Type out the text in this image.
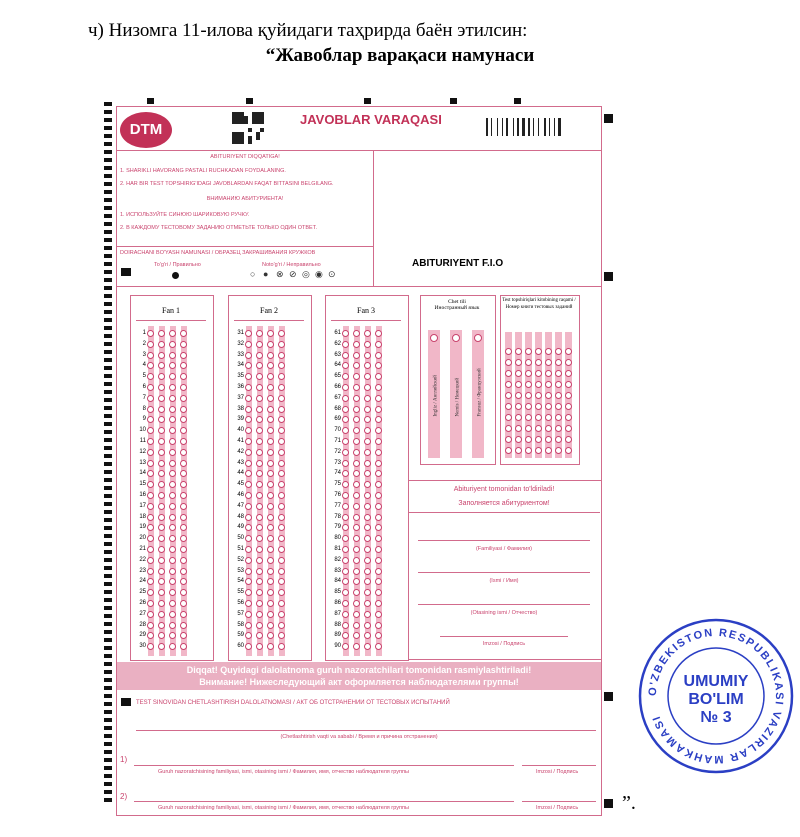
ч) Низомга 11-илова қуйидаги таҳрирда баён этилсин:
“Жавоблар варақаси намунаси
”.
DTM
JAVOBLAR VARAQASI
ABITURIYENT DIQQATIGA!
1. SHARIKLI HAVORANG PASTALI RUCHKADAN FOYDALANING.
2. HAR BIR TEST TOPSHIRIG'IDAGI JAVOBLARDAN FAQAT BITTASINI BELGILANG.
ВНИМАНИЮ АБИТУРИЕНТА!
1. ИСПОЛЬЗУЙТЕ СИНЮЮ ШАРИКОВУЮ РУЧКУ.
2. В КАЖДОМУ ТЕСТОВОМУ ЗАДАНИЮ ОТМЕТЬТЕ ТОЛЬКО ОДИН ОТВЕТ.
DOIRACHANI BO'YASH NAMUNASI / ОБРАЗЕЦ ЗАКРАШИВАНИЯ КРУЖКОВ
To'g'ri / Правильно	Noto'g'ri / Неправильно
○ ● ⊗ ⊘ ◎ ◉ ⊙
ABITURIYENT F.I.O
Fan 1
1
2
3
4
5
6
7
8
9
10
11
12
13
14
15
16
17
18
19
20
21
22
23
24
25
26
27
28
29
30
Fan 2
31
32
33
34
35
36
37
38
39
40
41
42
43
44
45
46
47
48
49
50
51
52
53
54
55
56
57
58
59
60
Fan 3
61
62
63
64
65
66
67
68
69
70
71
72
73
74
75
76
77
78
79
80
81
82
83
84
85
86
87
88
89
90
Chet tili
Иностранный язык
Ingliz / Английский	Nemis / Немецкий	Fransuz / Французский
Test topshiriqlari kitobining raqami / Номер книги тестовых заданий
Abituriyent tomonidan to'ldiriladi!
Заполняется абитуриентом!
(Familiyasi / Фамилия)
(Ismi / Имя)
(Otasining ismi / Отчество)
Imzosi / Подпись
Diqqat! Quyidagi dalolatnoma guruh nazoratchilari tomonidan rasmiylashtiriladi!
Внимание! Нижеследующий акт оформляется наблюдателями группы!
TEST SINOVIDAN CHETLASHTIRISH DALOLATNOMASI / АКТ ОБ ОТСТРАНЕНИИ ОТ ТЕСТОВЫХ ИСПЫТАНИЙ
(Chetlashtirish vaqti va sababi / Время и причина отстранения)
1)
Guruh nazoratchisining familiyasi, ismi, otasining ismi / Фамилия, имя, отчество наблюдателя группы	Imzosi / Подпись
2)
Guruh nazoratchisining familiyasi, ismi, otasining ismi / Фамилия, имя, отчество наблюдателя группы	Imzosi / Подпись
O'ZBEKISTON RESPUBLIKASI VAZIRLAR MAHKAMASI
UMUMIY
BO'LIM
№ 3
